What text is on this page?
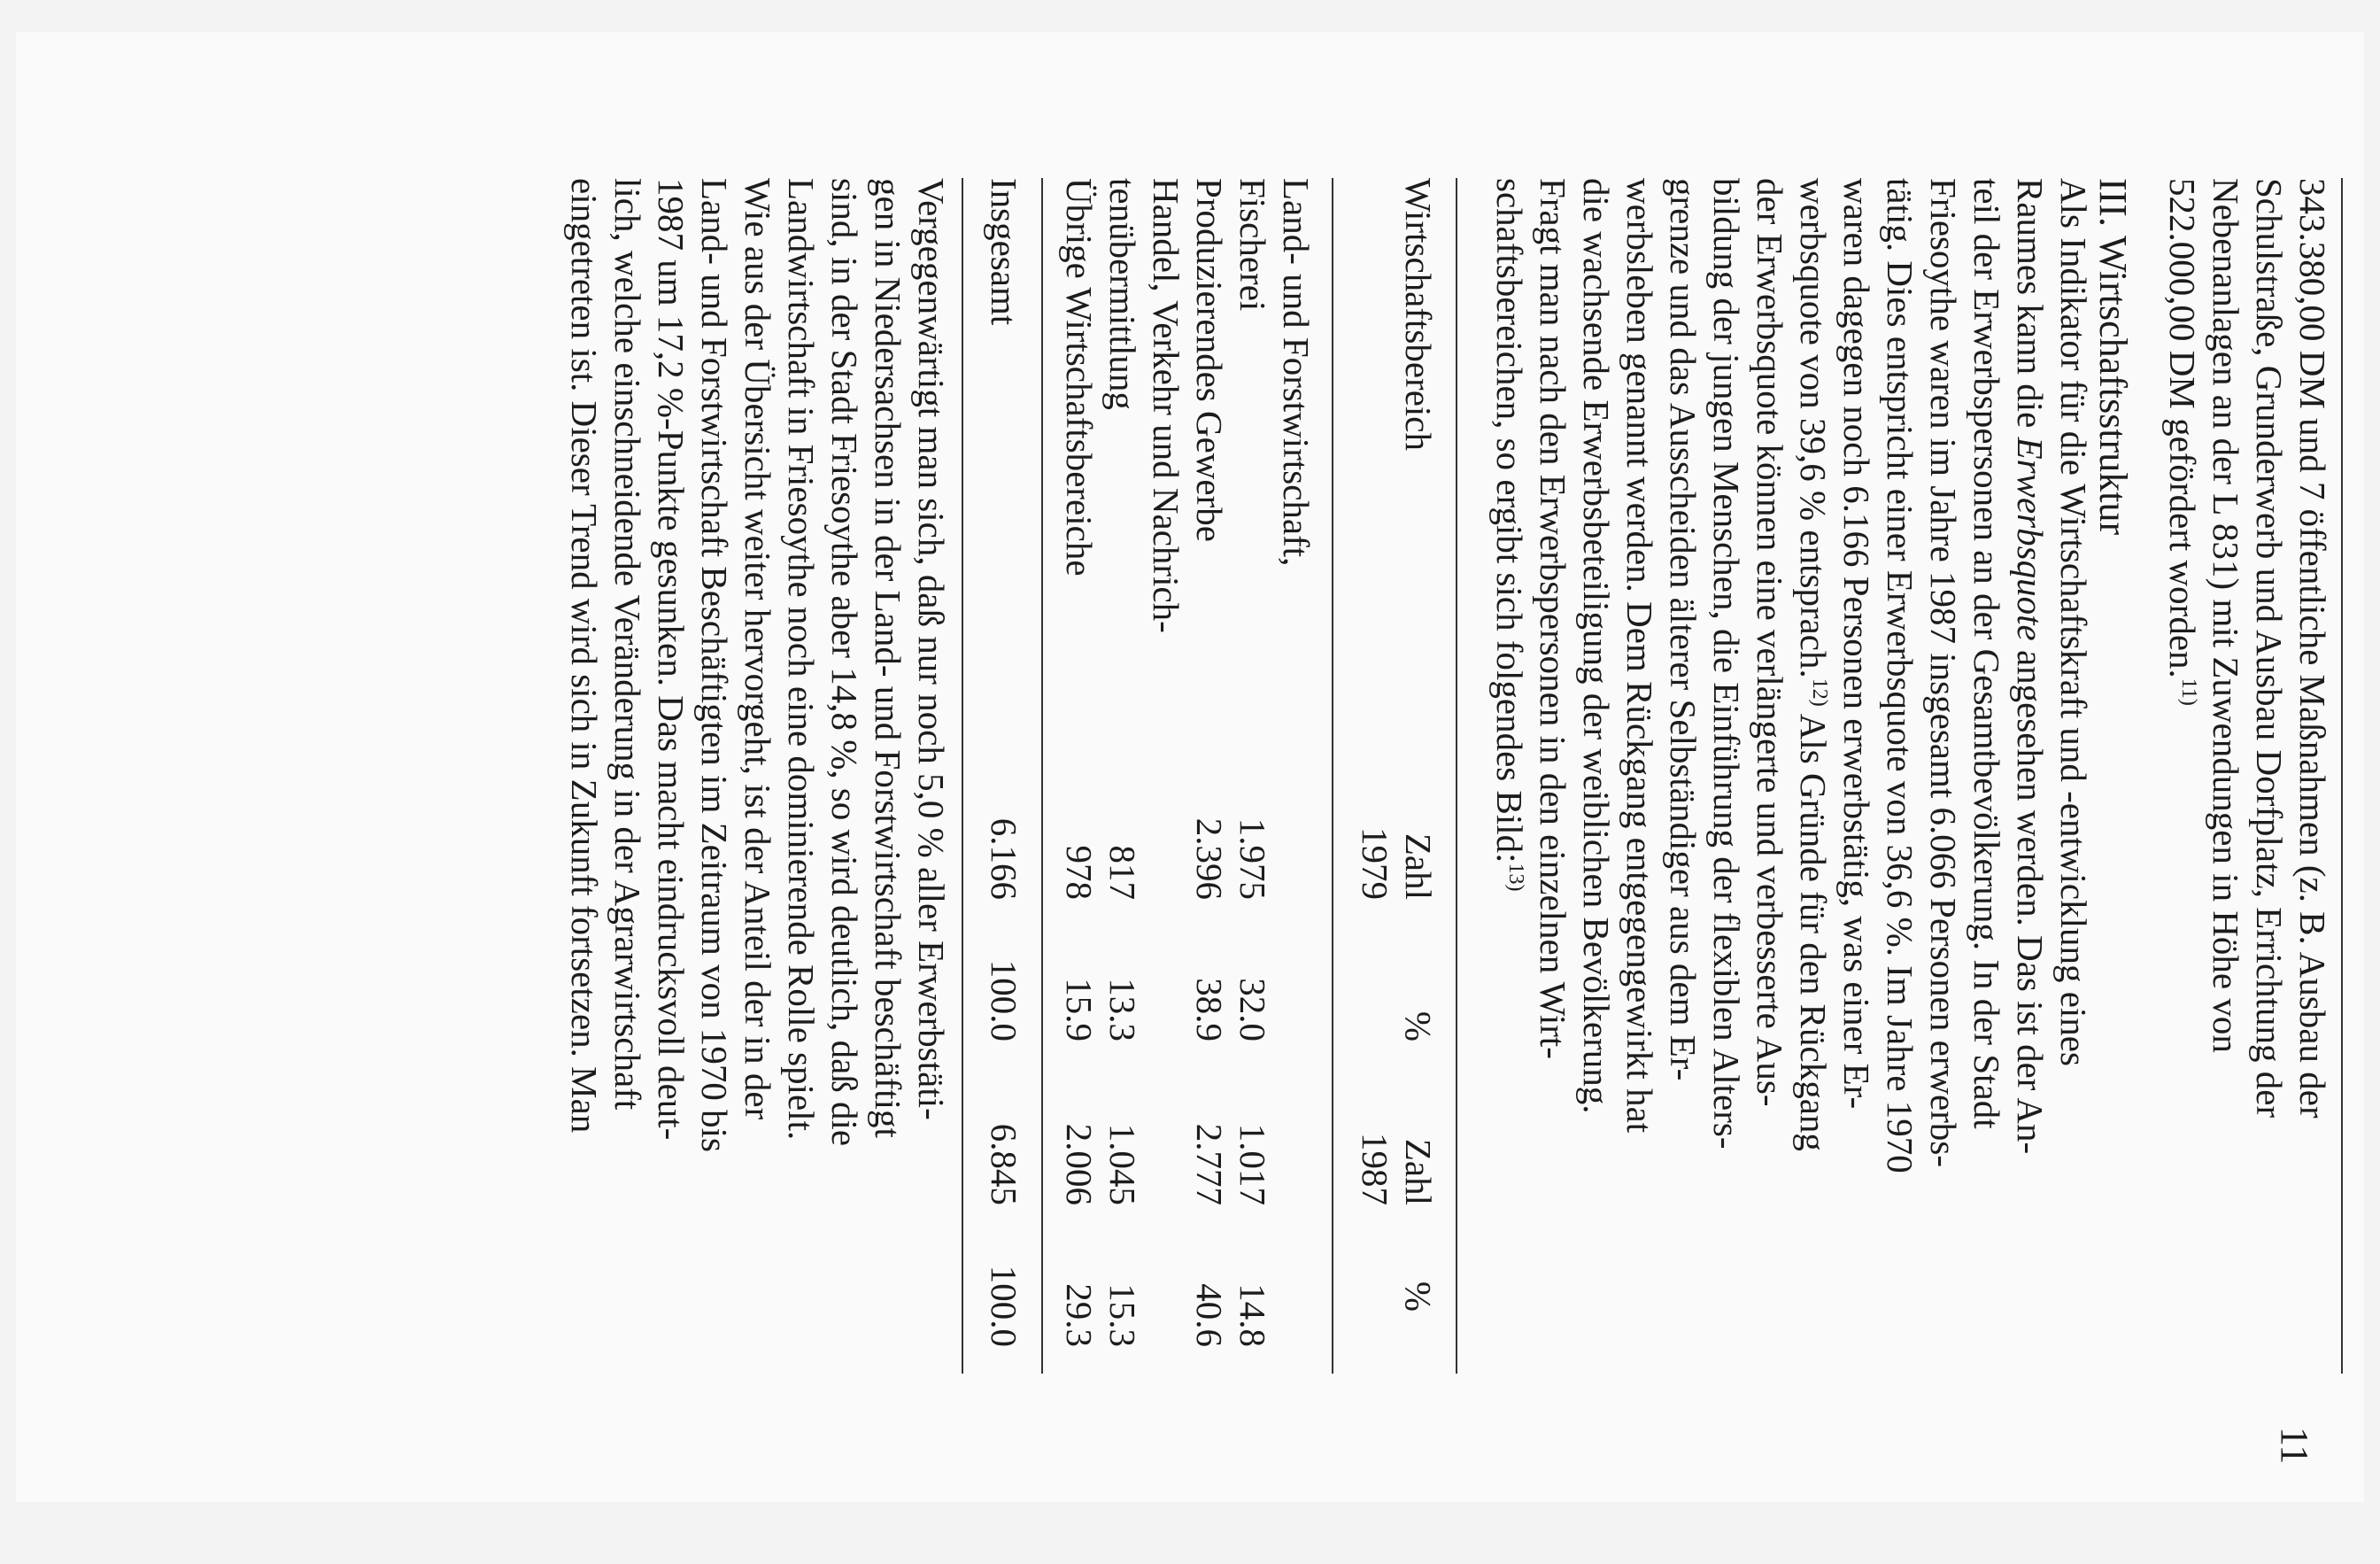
343.380,00 DM und 7 öffentliche Maßnahmen (z. B. Ausbau der
Schulstraße, Grunderwerb und Ausbau Dorfplatz, Errichtung der
Nebenanlagen an der L 831) mit Zuwendungen in Höhe von
522.000,00 DM gefördert worden.$^{11)}$

III. Wirtschaftsstruktur

Als Indikator für die Wirtschaftskraft und -entwicklung eines
Raumes kann die Erwerbsquote angesehen werden. Das ist der An-
teil der Erwerbspersonen an der Gesamtbevölkerung. In der Stadt
Friesoythe waren im Jahre 1987 insgesamt 6.066 Personen erwerbs-
tätig. Dies entspricht einer Erwerbsquote von 36,6 %. Im Jahre 1970
waren dagegen noch 6.166 Personen erwerbstätig, was einer Er-
werbsquote von 39,6 % entsprach.$^{12)}$ Als Gründe für den Rückgang
der Erwerbsquote können eine verlängerte und verbesserte Aus-
bildung der jungen Menschen, die Einführung der flexiblen Alters-
grenze und das Ausscheiden älterer Selbständiger aus dem Er-
werbsleben genannt werden. Dem Rückgang entgegengewirkt hat
die wachsende Erwerbsbeteiligung der weiblichen Bevölkerung.
Fragt man nach den Erwerbspersonen in den einzelnen Wirt-
schaftsbereichen, so ergibt sich folgendes Bild:$^{13)}$

Wirtschaftsbereich
Zahl
1979
%
Zahl
1987
%
Land- und Forstwirtschaft,
Fischerei
1.975
32.0
1.017
14.8
Produzierendes Gewerbe
2.396
38.9
2.777
40.6
Handel, Verkehr und Nachrich-
tenübermittlung
817
13.3
1.045
15.3
Übrige Wirtschaftsbereiche
978
15.9
2.006
29.3
Insgesamt
6.166
100.0
6.845
100.0

Vergegenwärtigt man sich, daß nur noch 5,0 % aller Erwerbstäti-
gen in Niedersachsen in der Land- und Forstwirtschaft beschäftigt
sind, in der Stadt Friesoythe aber 14,8 %, so wird deutlich, daß die
Landwirtschaft in Friesoythe noch eine dominierende Rolle spielt.
Wie aus der Übersicht weiter hervorgeht, ist der Anteil der in der
Land- und Forstwirtschaft Beschäftigten im Zeitraum von 1970 bis
1987 um 17,2 %-Punkte gesunken. Das macht eindrucksvoll deut-
lich, welche einschneidende Veränderung in der Agrarwirtschaft
eingetreten ist. Dieser Trend wird sich in Zukunft fortsetzen. Man

11
